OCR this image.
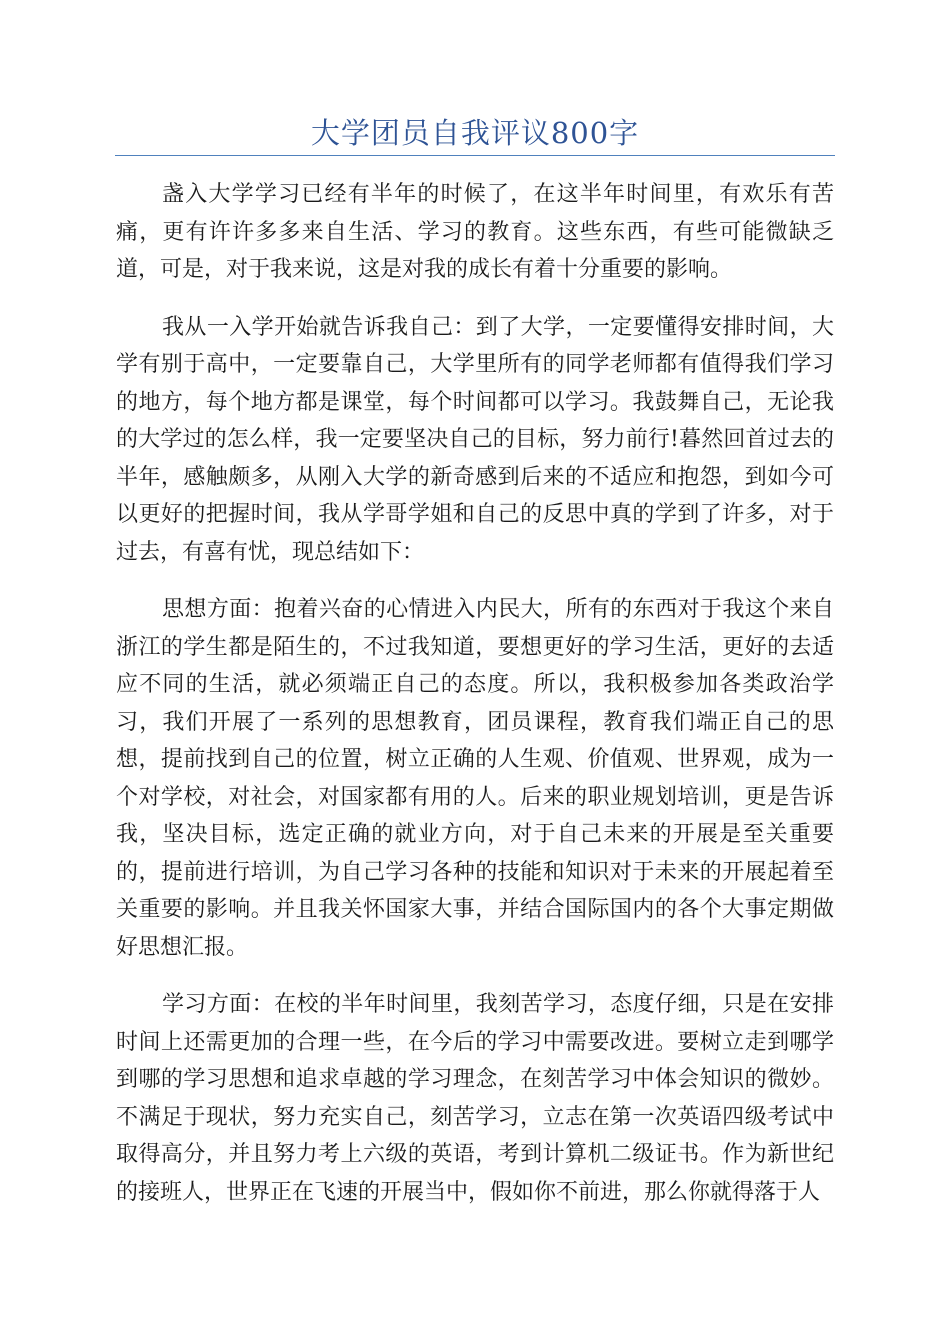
大学团员自我评议800字

盏入大学学习已经有半年的时候了，在这半年时间里，有欢乐有苦痛，更有许许多多来自生活、学习的教育。这些东西，有些可能微缺乏道，可是，对于我来说，这是对我的成长有着十分重要的影响。

我从一入学开始就告诉我自己：到了大学，一定要懂得安排时间，大学有别于高中，一定要靠自己，大学里所有的同学老师都有值得我们学习的地方，每个地方都是课堂，每个时间都可以学习。我鼓舞自己，无论我的大学过的怎么样，我一定要坚决自己的目标，努力前行!暮然回首过去的半年，感触颇多，从刚入大学的新奇感到后来的不适应和抱怨，到如今可以更好的把握时间，我从学哥学姐和自己的反思中真的学到了许多，对于过去，有喜有忧，现总结如下：

思想方面：抱着兴奋的心情进入内民大，所有的东西对于我这个来自浙江的学生都是陌生的，不过我知道，要想更好的学习生活，更好的去适应不同的生活，就必须端正自己的态度。所以，我积极参加各类政治学习，我们开展了一系列的思想教育，团员课程，教育我们端正自己的思想，提前找到自己的位置，树立正确的人生观、价值观、世界观，成为一个对学校，对社会，对国家都有用的人。后来的职业规划培训，更是告诉我，坚决目标，选定正确的就业方向，对于自己未来的开展是至关重要的，提前进行培训，为自己学习各种的技能和知识对于未来的开展起着至关重要的影响。并且我关怀国家大事，并结合国际国内的各个大事定期做好思想汇报。

学习方面：在校的半年时间里，我刻苦学习，态度仔细，只是在安排时间上还需更加的合理一些，在今后的学习中需要改进。要树立走到哪学到哪的学习思想和追求卓越的学习理念，在刻苦学习中体会知识的微妙。不满足于现状，努力充实自己，刻苦学习，立志在第一次英语四级考试中取得高分，并且努力考上六级的英语，考到计算机二级证书。作为新世纪的接班人，世界正在飞速的开展当中，假如你不前进，那么你就得落于人
